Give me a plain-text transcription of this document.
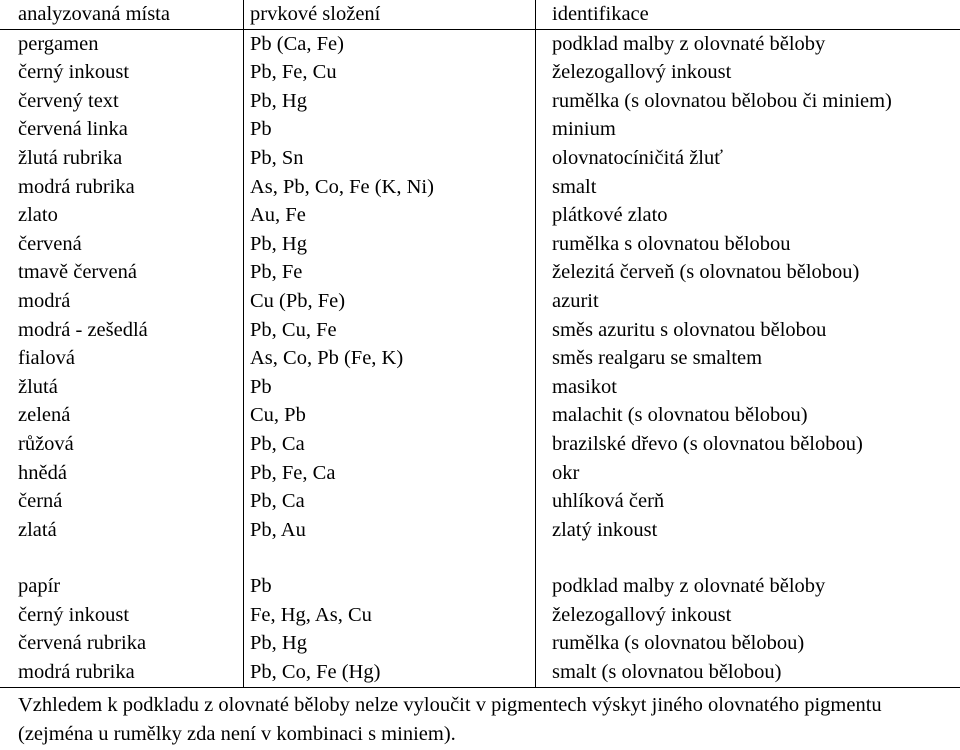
analyzovaná místa	prvkové složení	identifikace
pergamen	Pb (Ca, Fe)	podklad malby z olovnaté běloby
černý inkoust	Pb, Fe, Cu	železogallový inkoust
červený text	Pb, Hg	rumělka (s olovnatou bělobou či miniem)
červená linka	Pb	minium
žlutá rubrika	Pb, Sn	olovnatocíničitá žluť
modrá rubrika	As, Pb, Co, Fe (K, Ni)	smalt
zlato	Au, Fe	plátkové zlato
červená	Pb, Hg	rumělka s olovnatou bělobou
tmavě červená	Pb, Fe	železitá červeň (s olovnatou bělobou)
modrá	Cu (Pb, Fe)	azurit
modrá - zešedlá	Pb, Cu, Fe	směs azuritu s olovnatou bělobou
fialová	As, Co, Pb (Fe, K)	směs realgaru se smaltem
žlutá	Pb	masikot
zelená	Cu, Pb	malachit (s olovnatou bělobou)
růžová	Pb, Ca	brazilské dřevo (s olovnatou bělobou)
hnědá	Pb, Fe, Ca	okr
černá	Pb, Ca	uhlíková čerň
zlatá	Pb, Au	zlatý inkoust

papír	Pb	podklad malby z olovnaté běloby
černý inkoust	Fe, Hg, As, Cu	železogallový inkoust
červená rubrika	Pb, Hg	rumělka (s olovnatou bělobou)
modrá rubrika	Pb, Co, Fe (Hg)	smalt (s olovnatou bělobou)
Vzhledem k podkladu z olovnaté běloby nelze vyloučit v pigmentech výskyt jiného olovnatého pigmentu (zejména u rumělky zda není v kombinaci s miniem).
